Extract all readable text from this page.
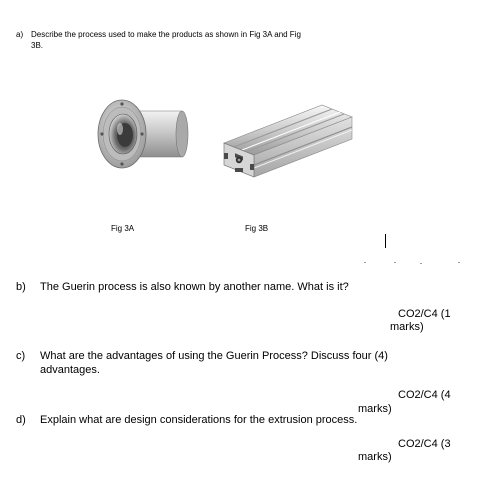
a) Describe the process used to make the products as shown in Fig 3A and Fig
3B.
Fig 3A	Fig 3B
b) The Guerin process is also known by another name. What is it?
CO2/C4 (1
marks)
c) What are the advantages of using the Guerin Process? Discuss four (4)
advantages.
CO2/C4 (4
marks)
d) Explain what are design considerations for the extrusion process.
CO2/C4 (3
marks)
